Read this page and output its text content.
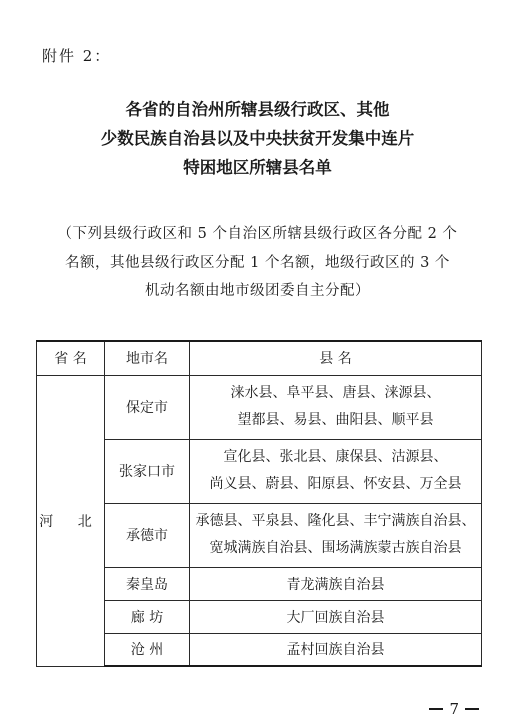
附件 2：
各省的自治州所辖县级行政区、其他
少数民族自治县以及中央扶贫开发集中连片
特困地区所辖县名单
（下列县级行政区和 5 个自治区所辖县级行政区各分配 2 个
名额，其他县级行政区分配 1 个名额，地级行政区的 3 个
机动名额由地市级团委自主分配）
省 名	地市名	县 名
河 北	保定市	涞水县、阜平县、唐县、涞源县、
望都县、易县、曲阳县、顺平县

	张家口市	宣化县、张北县、康保县、沽源县、
尚义县、蔚县、阳原县、怀安县、万全县

	承德市	承德县、平泉县、隆化县、丰宁满族自治县、
宽城满族自治县、围场满族蒙古族自治县

	秦皇岛	青龙满族自治县
	廊 坊	大厂回族自治县
	沧 州	孟村回族自治县
7
